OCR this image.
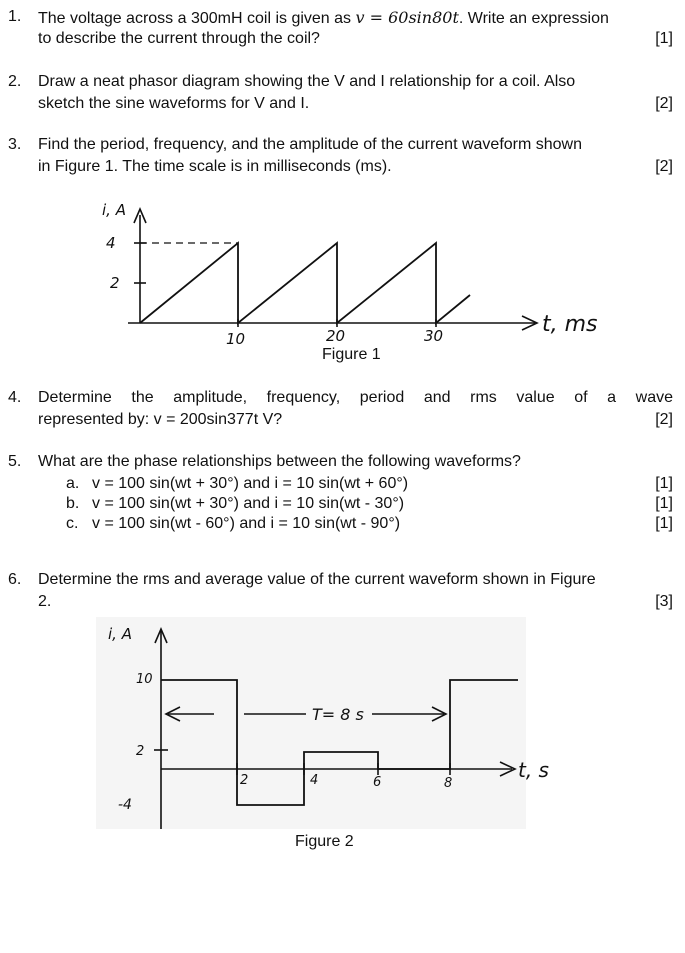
1. The voltage across a 300mH coil is given as v = 60sin80t. Write an expression
to describe the current through the coil?	[1]
2. Draw a neat phasor diagram showing the V and I relationship for a coil. Also
sketch the sine waveforms for V and I.	[2]
3. Find the period, frequency, and the amplitude of the current waveform shown
in Figure 1. The time scale is in milliseconds (ms).	[2]
i, A
4
2
10	20	30	t, ms
Figure 1
4. Determine the amplitude, frequency, period and rms value of a wave
represented by: v = 200sin377t V?	[2]
5. What are the phase relationships between the following waveforms?
a. v = 100 sin(wt + 30°) and i = 10 sin(wt + 60°)	[1]
b. v = 100 sin(wt + 30°) and i = 10 sin(wt - 30°)	[1]
c. v = 100 sin(wt - 60°) and i = 10 sin(wt - 90°)	[1]
6. Determine the rms and average value of the current waveform shown in Figure
2.	[3]
i, A
10
2
-4
2	4	6	8
T= 8 s
t, s
Figure 2
